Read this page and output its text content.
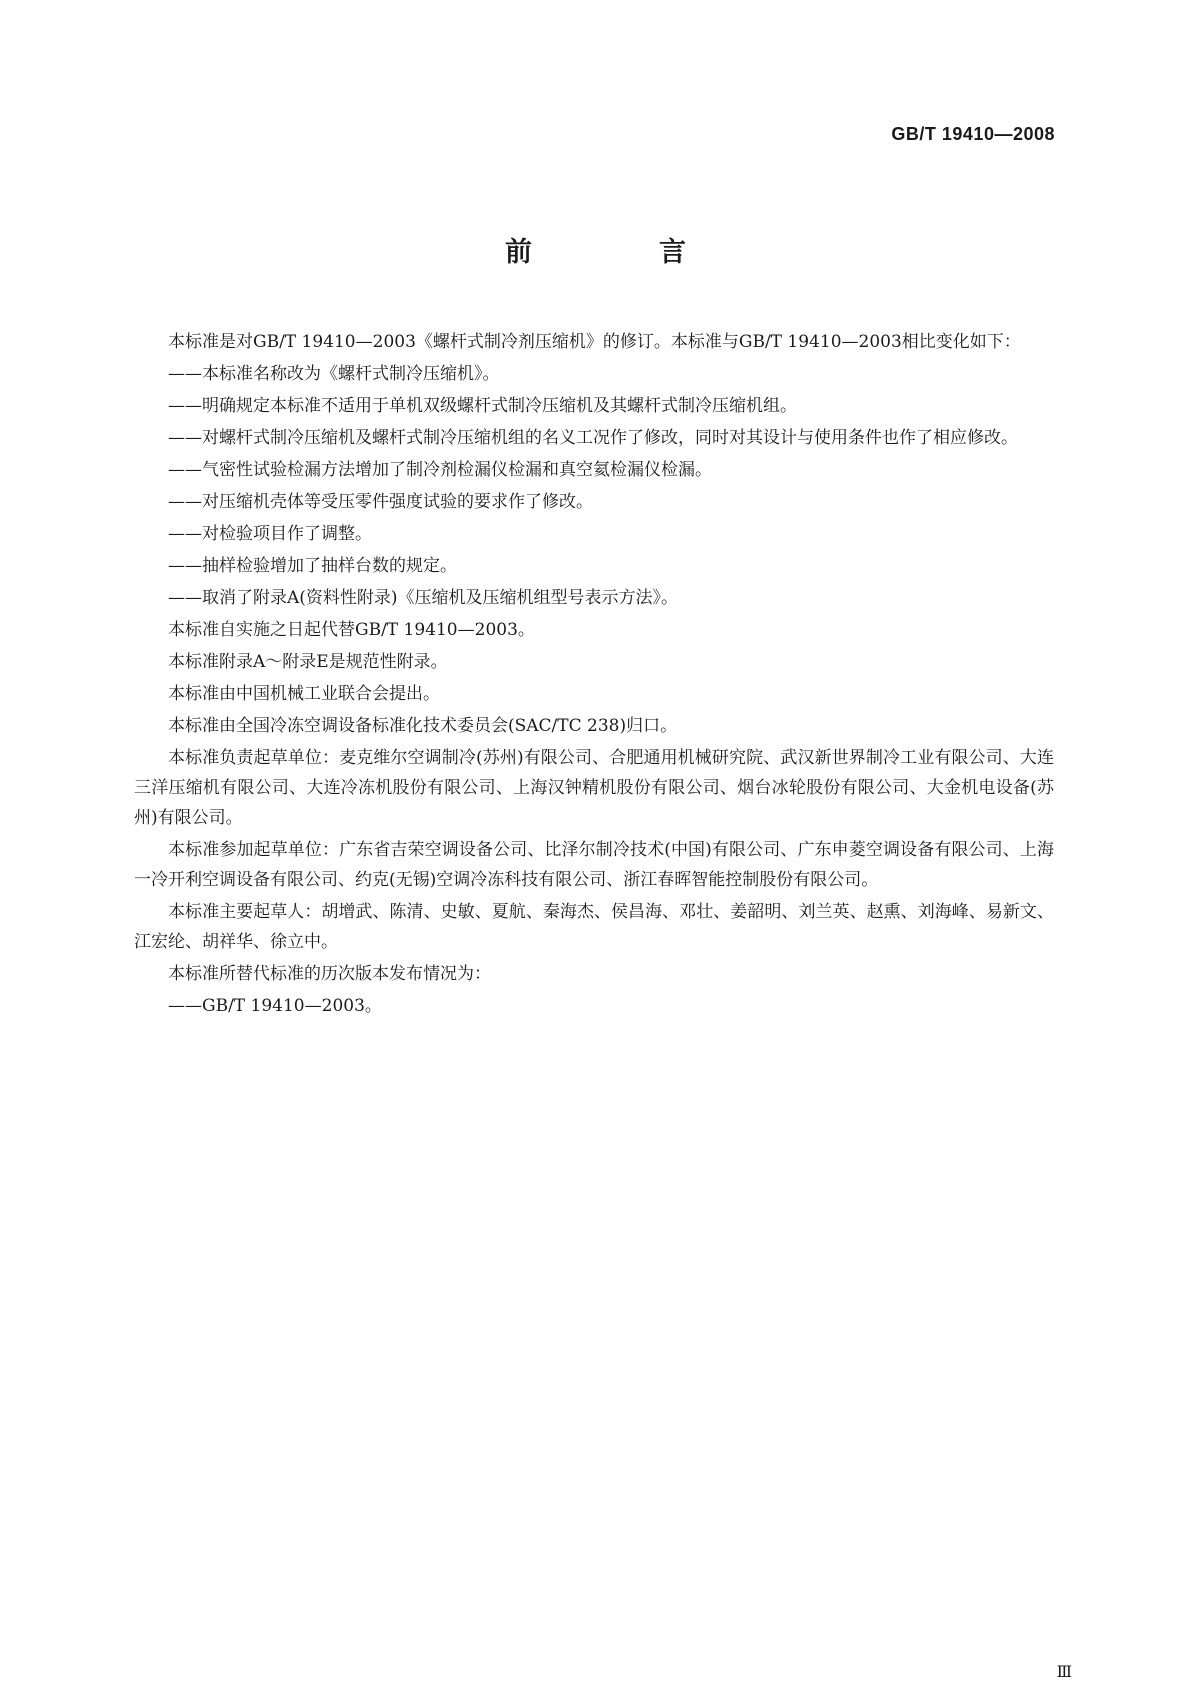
GB/T 19410—2008
前　言

本标准是对GB/T 19410—2003《螺杆式制冷剂压缩机》的修订。本标准与GB/T 19410—2003相比变化如下：

——本标准名称改为《螺杆式制冷压缩机》。

——明确规定本标准不适用于单机双级螺杆式制冷压缩机及其螺杆式制冷压缩机组。

——对螺杆式制冷压缩机及螺杆式制冷压缩机组的名义工况作了修改，同时对其设计与使用条件也作了相应修改。

——气密性试验检漏方法增加了制冷剂检漏仪检漏和真空氦检漏仪检漏。

——对压缩机壳体等受压零件强度试验的要求作了修改。

——对检验项目作了调整。

——抽样检验增加了抽样台数的规定。

——取消了附录A(资料性附录)《压缩机及压缩机组型号表示方法》。

本标准自实施之日起代替GB/T 19410—2003。

本标准附录A～附录E是规范性附录。

本标准由中国机械工业联合会提出。

本标准由全国冷冻空调设备标准化技术委员会(SAC/TC 238)归口。

本标准负责起草单位：麦克维尔空调制冷(苏州)有限公司、合肥通用机械研究院、武汉新世界制冷工业有限公司、大连三洋压缩机有限公司、大连冷冻机股份有限公司、上海汉钟精机股份有限公司、烟台冰轮股份有限公司、大金机电设备(苏州)有限公司。

本标准参加起草单位：广东省吉荣空调设备公司、比泽尔制冷技术(中国)有限公司、广东申菱空调设备有限公司、上海一冷开利空调设备有限公司、约克(无锡)空调冷冻科技有限公司、浙江春晖智能控制股份有限公司。

本标准主要起草人：胡增武、陈清、史敏、夏航、秦海杰、侯昌海、邓壮、姜韶明、刘兰英、赵熏、刘海峰、易新文、江宏纶、胡祥华、徐立中。

本标准所替代标准的历次版本发布情况为：

——GB/T 19410—2003。

Ⅲ
